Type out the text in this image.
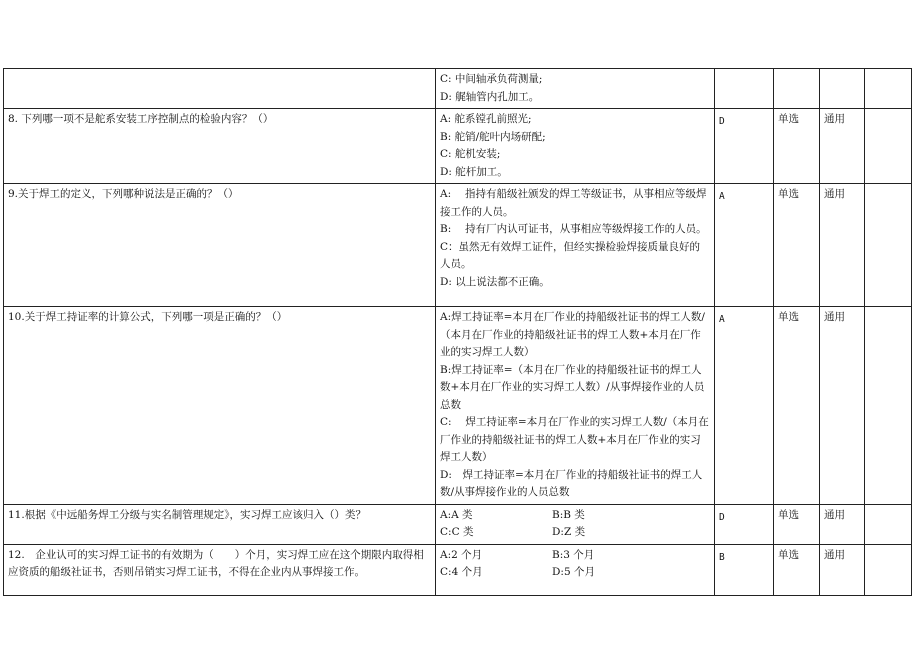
	C: 中间轴承负荷测量;
D: 艉轴管内孔加工。				

8. 下列哪一项不是舵系安装工序控制点的检验内容？（）	A: 舵系镗孔前照光;
B: 舵销/舵叶内场研配;
C: 舵机安装;
D: 舵杆加工。	D	单选	通用	
9.关于焊工的定义，下列哪种说法是正确的？（）	A:　 指持有船级社颁发的焊工等级证书，从事相应等级焊接工作的人员。
B:　 持有厂内认可证书，从事相应等级焊接工作的人员。
C：虽然无有效焊工证件，但经实操检验焊接质量良好的人员。
D: 以上说法都不正确。	A	单选	通用	
10.关于焊工持证率的计算公式，下列哪一项是正确的？（）	A:焊工持证率=本月在厂作业的持船级社证书的焊工人数/（本月在厂作业的持船级社证书的焊工人数+本月在厂作业的实习焊工人数）
B:焊工持证率=（本月在厂作业的持船级社证书的焊工人数+本月在厂作业的实习焊工人数）/从事焊接作业的人员总数
C:　 焊工持证率=本月在厂作业的实习焊工人数/（本月在厂作业的持船级社证书的焊工人数+本月在厂作业的实习焊工人数）
D:　焊工持证率=本月在厂作业的持船级社证书的焊工人数/从事焊接作业的人员总数	A	单选	通用	
11.根据《中远船务焊工分级与实名制管理规定》，实习焊工应该归入（）类？	A:A 类 B:B 类
C:C 类 D:Z 类	D	单选	通用	
12.　企业认可的实习焊工证书的有效期为（　　）个月，实习焊工应在这个期限内取得相应资质的船级社证书，否则吊销实习焊工证书，不得在企业内从事焊接工作。	A:2 个月 B:3 个月
C:4 个月 D:5 个月	B	单选	通用	
